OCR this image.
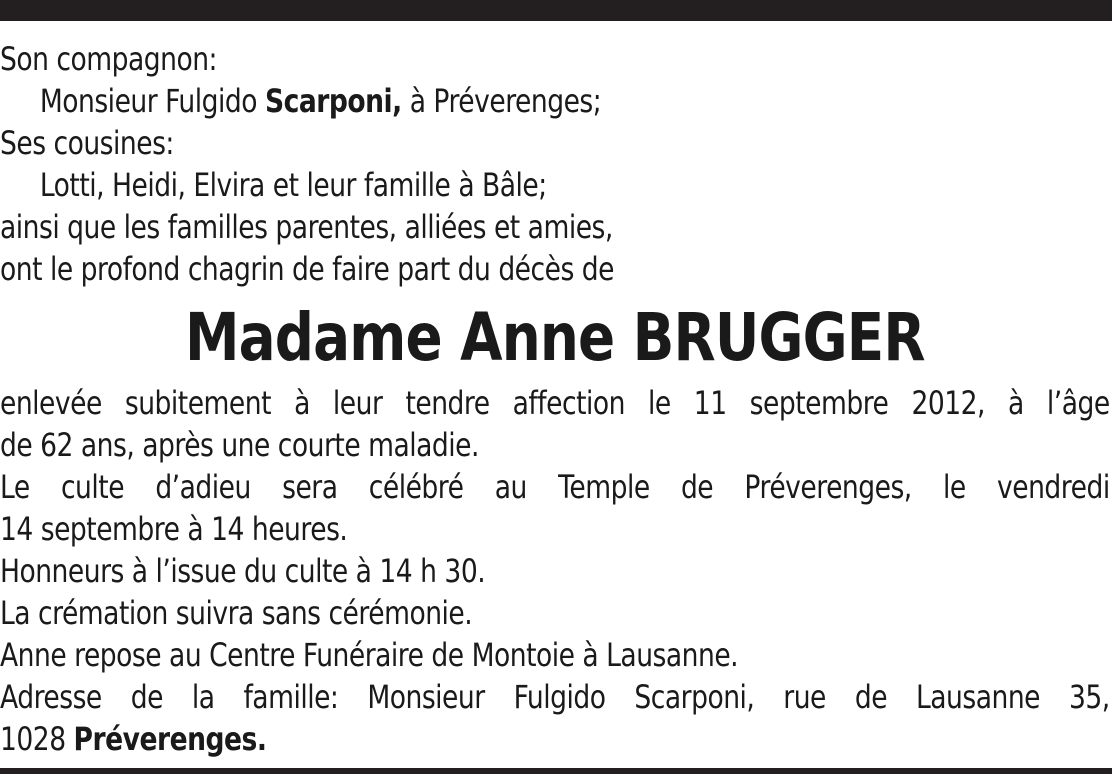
Son compagnon:
Monsieur Fulgido Scarponi, à Préverenges;
Ses cousines:
Lotti, Heidi, Elvira et leur famille à Bâle;
ainsi que les familles parentes, alliées et amies,
ont le profond chagrin de faire part du décès de
Madame Anne BRUGGER
enlevée subitement à leur tendre affection le 11 septembre 2012, à l’âge
de 62 ans, après une courte maladie.
Le culte d’adieu sera célébré au Temple de Préverenges, le vendredi
14 septembre à 14 heures.
Honneurs à l’issue du culte à 14 h 30.
La crémation suivra sans cérémonie.
Anne repose au Centre Funéraire de Montoie à Lausanne.
Adresse de la famille: Monsieur Fulgido Scarponi, rue de Lausanne 35,
1028 Préverenges.
